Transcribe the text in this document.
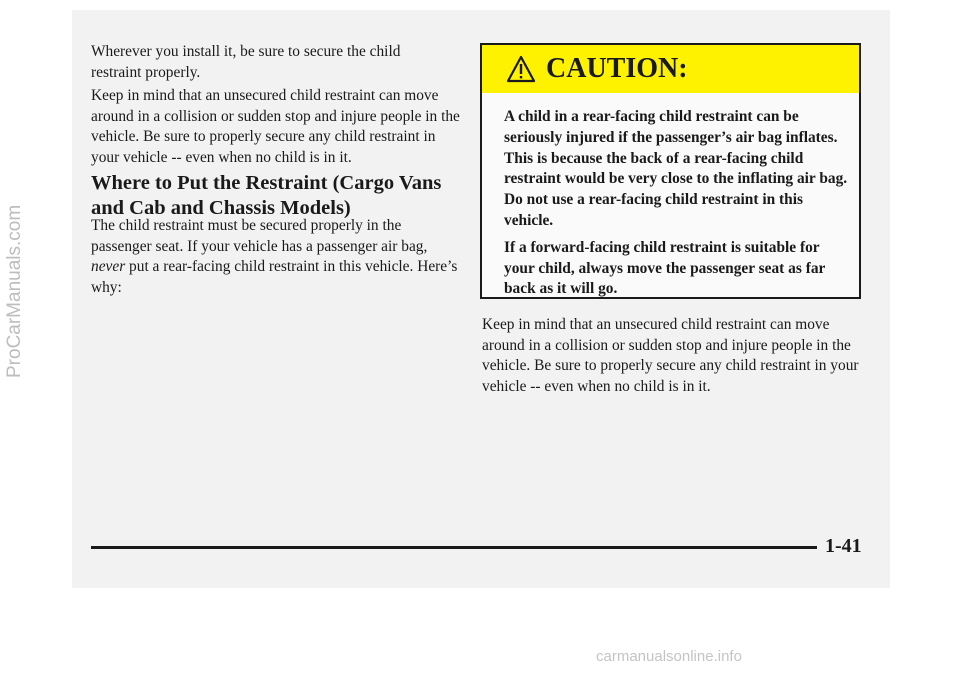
Wherever you install it, be sure to secure the child restraint properly.

Keep in mind that an unsecured child restraint can move around in a collision or sudden stop and injure people in the vehicle. Be sure to properly secure any child restraint in your vehicle -- even when no child is in it.

Where to Put the Restraint (Cargo Vans and Cab and Chassis Models)

The child restraint must be secured properly in the passenger seat. If your vehicle has a passenger air bag, never put a rear-facing child restraint in this vehicle. Here’s why:

CAUTION:

A child in a rear-facing child restraint can be seriously injured if the passenger’s air bag inflates. This is because the back of a rear-facing child restraint would be very close to the inflating air bag. Do not use a rear-facing child restraint in this vehicle.

If a forward-facing child restraint is suitable for your child, always move the passenger seat as far back as it will go.

Keep in mind that an unsecured child restraint can move around in a collision or sudden stop and injure people in the vehicle. Be sure to properly secure any child restraint in your vehicle -- even when no child is in it.

1-41
ProCarManuals.com
carmanualsonline.info
